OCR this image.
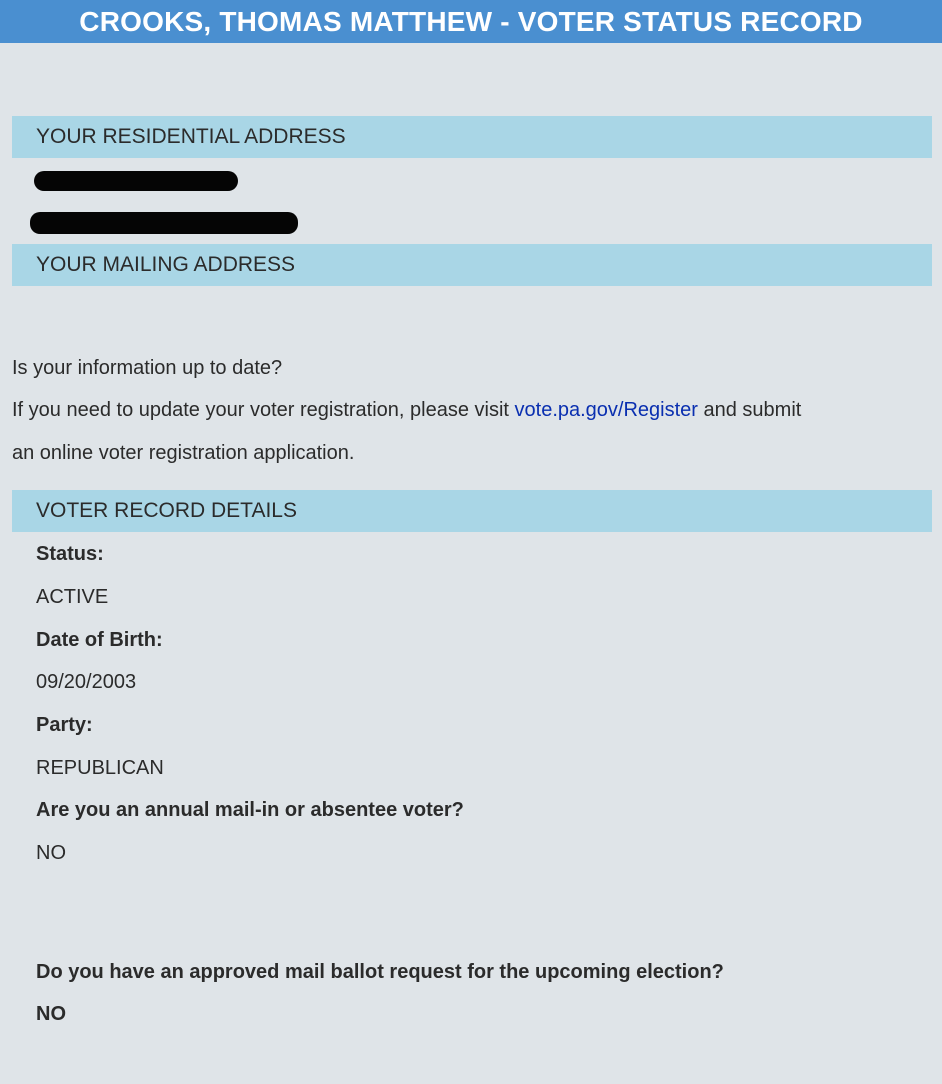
CROOKS, THOMAS MATTHEW - VOTER STATUS RECORD
YOUR RESIDENTIAL ADDRESS
YOUR MAILING ADDRESS
Is your information up to date?
If you need to update your voter registration, please visit vote.pa.gov/Register and submit
an online voter registration application.
VOTER RECORD DETAILS
Status:
ACTIVE
Date of Birth:
09/20/2003
Party:
REPUBLICAN
Are you an annual mail-in or absentee voter?
NO
Do you have an approved mail ballot request for the upcoming election?
NO
